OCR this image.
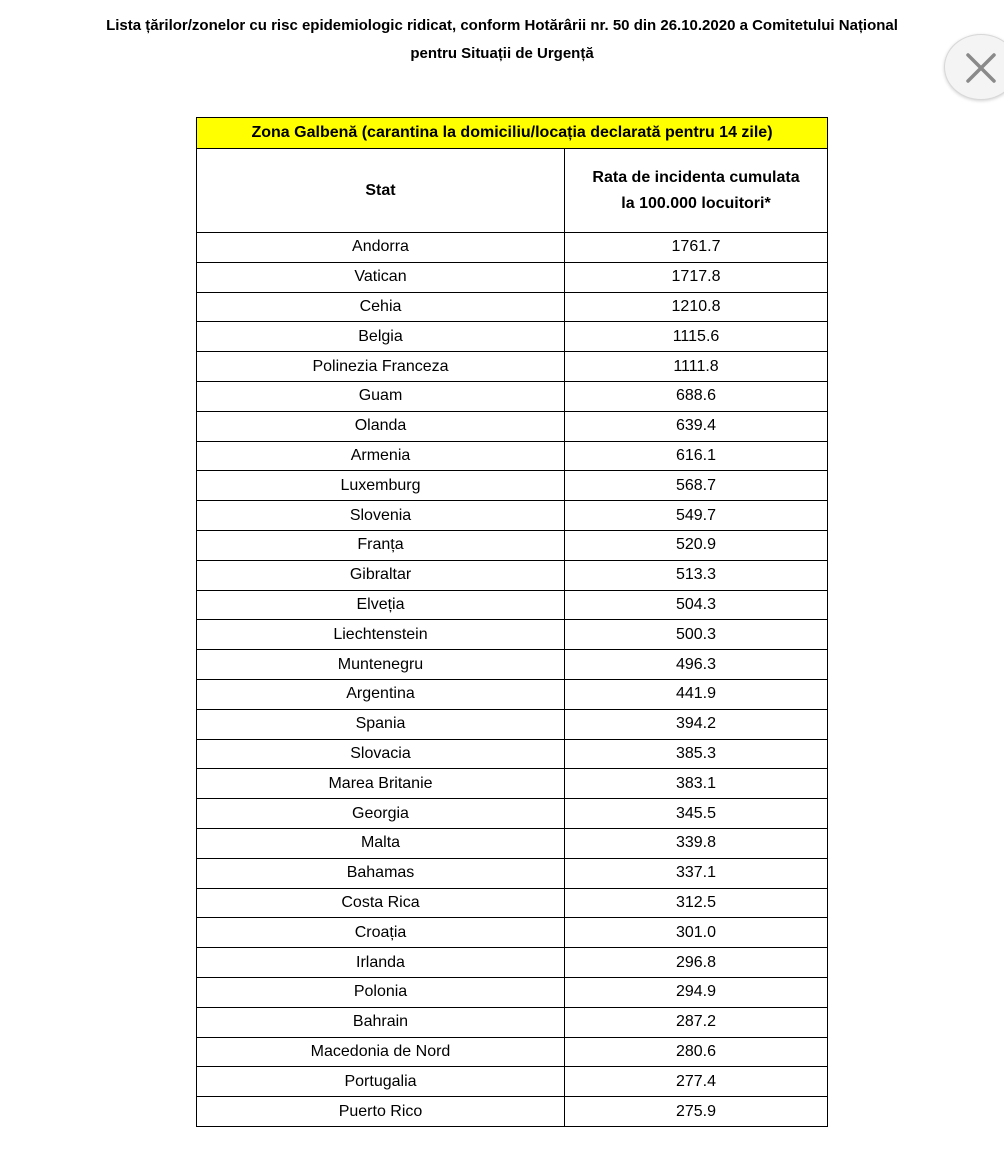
Lista țărilor/zonelor cu risc epidemiologic ridicat, conform Hotărârii nr. 50 din 26.10.2020 a Comitetului Național
pentru Situații de Urgență
Zona Galbenă (carantina la domiciliu/locația declarată pentru 14 zile)	
Stat	Rata de incidenta cumulata
la 100.000 locuitori*
Andorra	1761.7
Vatican	1717.8
Cehia	1210.8
Belgia	1115.6
Polinezia Franceza	1111.8
Guam	688.6
Olanda	639.4
Armenia	616.1
Luxemburg	568.7
Slovenia	549.7
Franța	520.9
Gibraltar	513.3
Elveția	504.3
Liechtenstein	500.3
Muntenegru	496.3
Argentina	441.9
Spania	394.2
Slovacia	385.3
Marea Britanie	383.1
Georgia	345.5
Malta	339.8
Bahamas	337.1
Costa Rica	312.5
Croația	301.0
Irlanda	296.8
Polonia	294.9
Bahrain	287.2
Macedonia de Nord	280.6
Portugalia	277.4
Puerto Rico	275.9
